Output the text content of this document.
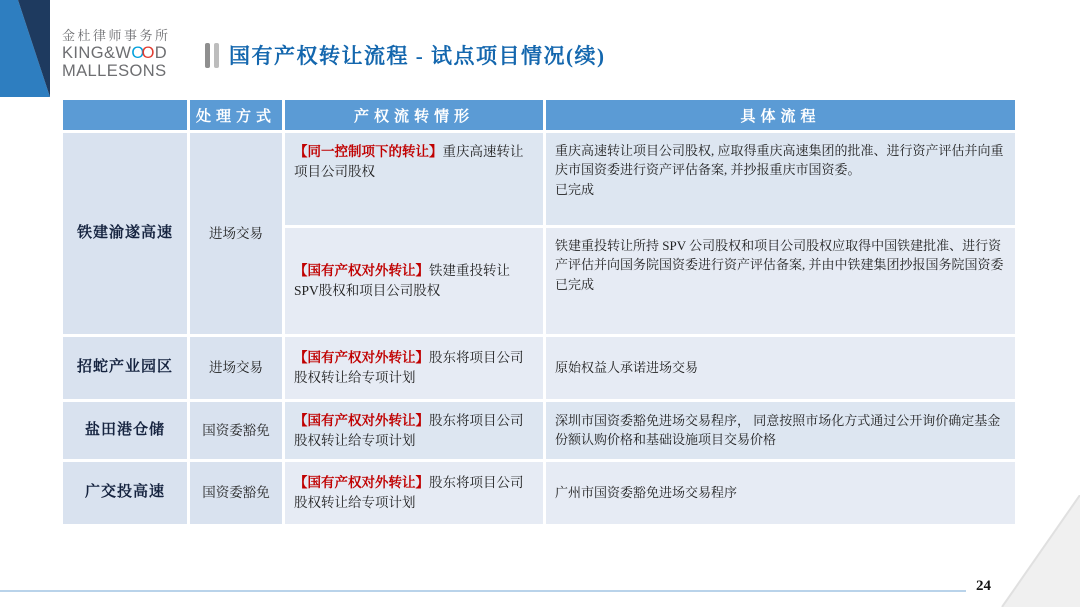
金杜律师事务所
KING&WOOD
MALLESONS
国有产权转让流程 - 试点项目情况(续)
	处理方式	产权流转情形	具体流程
铁建渝遂高速	进场交易	【同一控制项下的转让】重庆高速转让项目公司股权	重庆高速转让项目公司股权, 应取得重庆高速集团的批准、进行资产评估并向重庆市国资委进行资产评估备案, 并抄报重庆市国资委。
已完成

		【国有产权对外转让】铁建重投转让SPV股权和项目公司股权	铁建重投转让所持 SPV 公司股权和项目公司股权应取得中国铁建批准、进行资产评估并向国务院国资委进行资产评估备案, 并由中铁建集团抄报国务院国资委
已完成

招蛇产业园区	进场交易	【国有产权对外转让】股东将项目公司股权转让给专项计划	原始权益人承诺进场交易

盐田港仓储	国资委豁免	【国有产权对外转让】股东将项目公司股权转让给专项计划	深圳市国资委豁免进场交易程序， 同意按照市场化方式通过公开询价确定基金份额认购价格和基础设施项目交易价格

广交投高速	国资委豁免	【国有产权对外转让】股东将项目公司股权转让给专项计划	广州市国资委豁免进场交易程序
24
